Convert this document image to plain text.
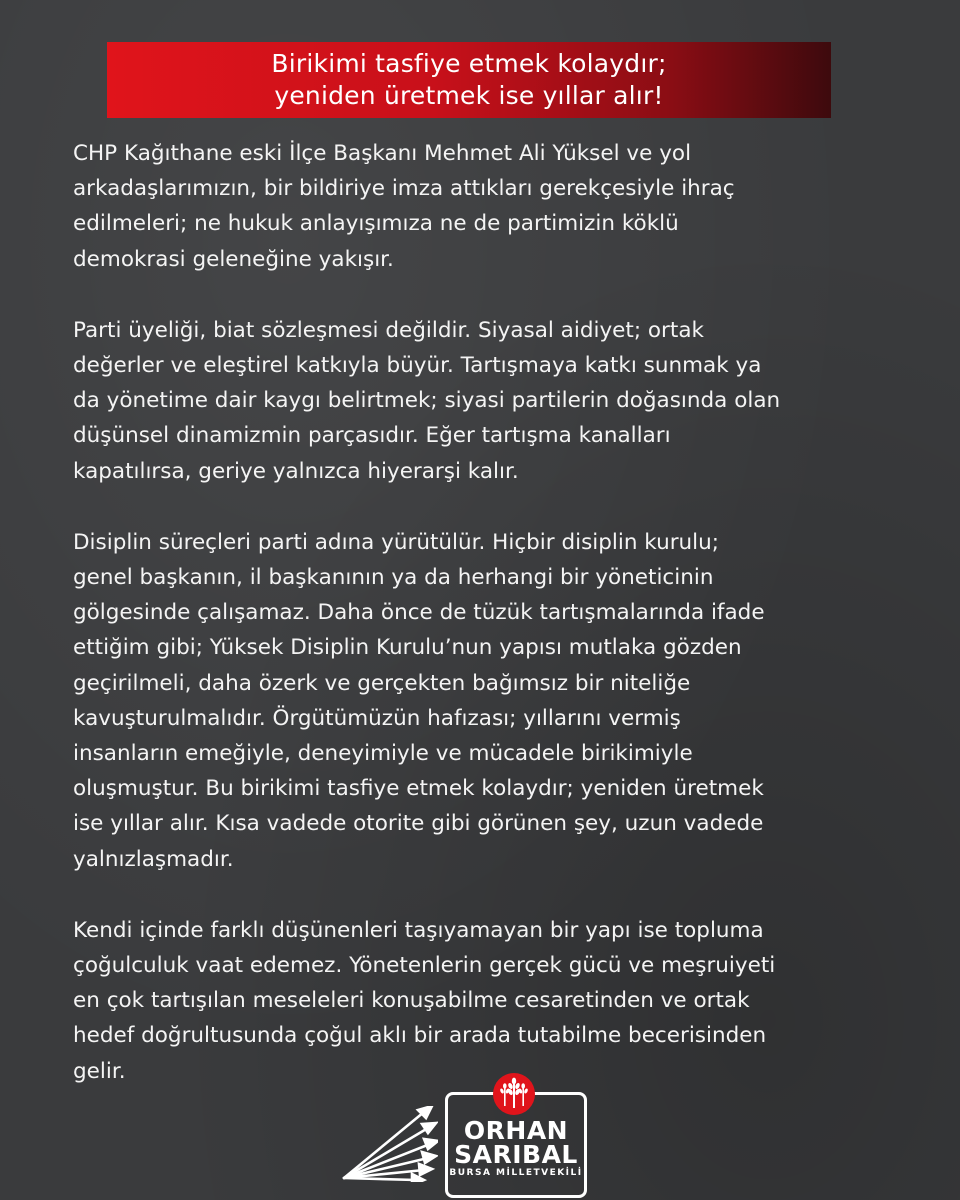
Birikimi tasfiye etmek kolaydır;
yeniden üretmek ise yıllar alır!

CHP Kağıthane eski İlçe Başkanı Mehmet Ali Yüksel ve yol
arkadaşlarımızın, bir bildiriye imza attıkları gerekçesiyle ihraç
edilmeleri; ne hukuk anlayışımıza ne de partimizin köklü
demokrasi geleneğine yakışır.

Parti üyeliği, biat sözleşmesi değildir. Siyasal aidiyet; ortak
değerler ve eleştirel katkıyla büyür. Tartışmaya katkı sunmak ya
da yönetime dair kaygı belirtmek; siyasi partilerin doğasında olan
düşünsel dinamizmin parçasıdır. Eğer tartışma kanalları
kapatılırsa, geriye yalnızca hiyerarşi kalır.

Disiplin süreçleri parti adına yürütülür. Hiçbir disiplin kurulu;
genel başkanın, il başkanının ya da herhangi bir yöneticinin
gölgesinde çalışamaz. Daha önce de tüzük tartışmalarında ifade
ettiğim gibi; Yüksek Disiplin Kurulu’nun yapısı mutlaka gözden
geçirilmeli, daha özerk ve gerçekten bağımsız bir niteliğe
kavuşturulmalıdır. Örgütümüzün hafızası; yıllarını vermiş
insanların emeğiyle, deneyimiyle ve mücadele birikimiyle
oluşmuştur. Bu birikimi tasfiye etmek kolaydır; yeniden üretmek
ise yıllar alır. Kısa vadede otorite gibi görünen şey, uzun vadede
yalnızlaşmadır.

Kendi içinde farklı düşünenleri taşıyamayan bir yapı ise topluma
çoğulculuk vaat edemez. Yönetenlerin gerçek gücü ve meşruiyeti
en çok tartışılan meseleleri konuşabilme cesaretinden ve ortak
hedef doğrultusunda çoğul aklı bir arada tutabilme becerisinden
gelir.

ORHAN
SARIBAL
BURSA MİLLETVEKİLİ
